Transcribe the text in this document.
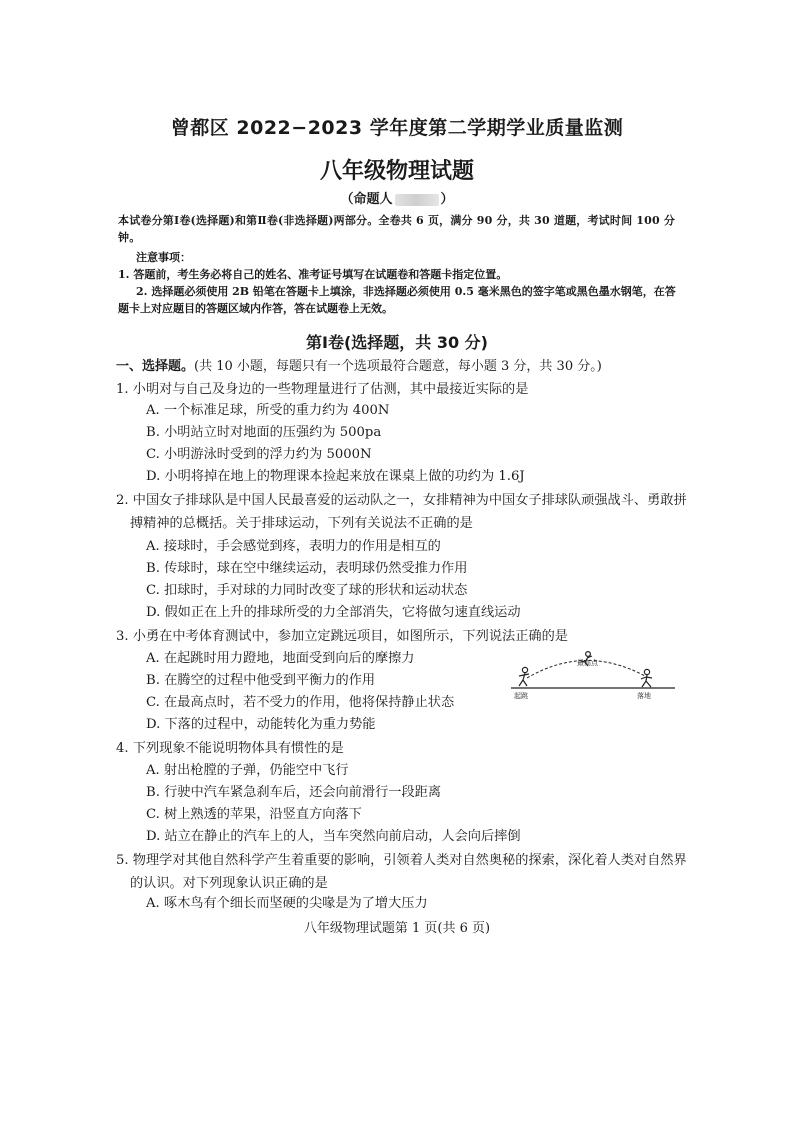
曾都区 2022−2023 学年度第二学期学业质量监测
八年级物理试题
（命题人	）
本试卷分第Ⅰ卷(选择题)和第Ⅱ卷(非选择题)两部分。全卷共 6 页，满分 90 分，共 30 道题，考试时间 100 分钟。
注意事项：
1. 答题前，考生务必将自己的姓名、准考证号填写在试题卷和答题卡指定位置。
2. 选择题必须使用 2B 铅笔在答题卡上填涂，非选择题必须使用 0.5 毫米黑色的签字笔或黑色墨水钢笔，在答题卡上对应题目的答题区域内作答，答在试题卷上无效。
第Ⅰ卷(选择题，共 30 分)
一、选择题。(共 10 小题，每题只有一个选项最符合题意，每小题 3 分，共 30 分。)
1. 小明对与自己及身边的一些物理量进行了估测，其中最接近实际的是
A. 一个标准足球，所受的重力约为 400N
B. 小明站立时对地面的压强约为 500pa
C. 小明游泳时受到的浮力约为 5000N
D. 小明将掉在地上的物理课本捡起来放在课桌上做的功约为 1.6J
2. 中国女子排球队是中国人民最喜爱的运动队之一，女排精神为中国女子排球队顽强战斗、勇敢拼搏精神的总概括。关于排球运动，下列有关说法不正确的是
A. 接球时，手会感觉到疼，表明力的作用是相互的
B. 传球时，球在空中继续运动，表明球仍然受推力作用
C. 扣球时，手对球的力同时改变了球的形状和运动状态
D. 假如正在上升的排球所受的力全部消失，它将做匀速直线运动
3. 小勇在中考体育测试中，参加立定跳远项目，如图所示，下列说法正确的是
A. 在起跳时用力蹬地，地面受到向后的摩擦力
B. 在腾空的过程中他受到平衡力的作用
C. 在最高点时，若不受力的作用，他将保持静止状态
D. 下落的过程中，动能转化为重力势能
最高点
起跳	落地
4. 下列现象不能说明物体具有惯性的是
A. 射出枪膛的子弹，仍能空中飞行
B. 行驶中汽车紧急刹车后，还会向前滑行一段距离
C. 树上熟透的苹果，沿竖直方向落下
D. 站立在静止的汽车上的人，当车突然向前启动，人会向后摔倒
5. 物理学对其他自然科学产生着重要的影响，引领着人类对自然奥秘的探索，深化着人类对自然界的认识。对下列现象认识正确的是
八年级物理试题第 1 页(共 6 页)
A. 啄木鸟有个细长而坚硬的尖喙是为了增大压力
